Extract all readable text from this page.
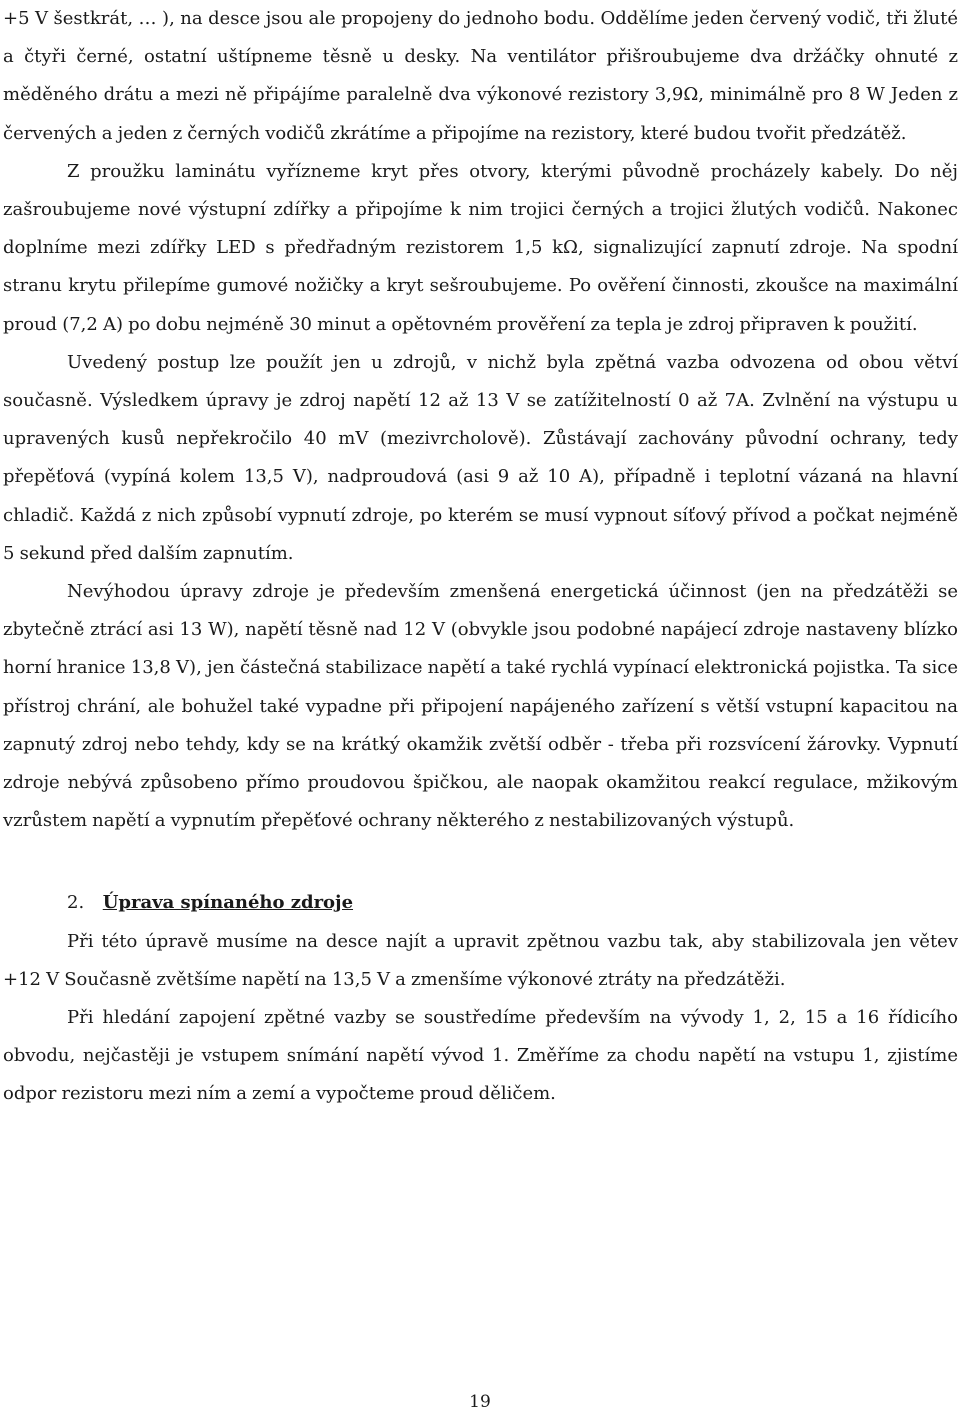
+5 V šestkrát, … ), na desce jsou ale propojeny do jednoho bodu. Oddělíme jeden červený vodič, tři žluté a čtyři černé, ostatní uštípneme těsně u desky. Na ventilátor přišroubujeme dva držáčky ohnuté z měděného drátu a mezi ně připájíme paralelně dva výkonové rezistory 3,9Ω, minimálně pro 8 W Jeden z červených a jeden z černých vodičů zkrátíme a připojíme na rezistory, které budou tvořit předzátěž.

Z proužku laminátu vyřízneme kryt přes otvory, kterými původně procházely kabely. Do něj zašroubujeme nové výstupní zdířky a připojíme k nim trojici černých a trojici žlutých vodičů. Nakonec doplníme mezi zdířky LED s předřadným rezistorem 1,5 kΩ, signalizující zapnutí zdroje. Na spodní stranu krytu přilepíme gumové nožičky a kryt sešroubujeme. Po ověření činnosti, zkoušce na maximální proud (7,2 A) po dobu nejméně 30 minut a opětovném prověření za tepla je zdroj připraven k použití.

Uvedený postup lze použít jen u zdrojů, v nichž byla zpětná vazba odvozena od obou větví současně. Výsledkem úpravy je zdroj napětí 12 až 13 V se zatížitelností 0 až 7A. Zvlnění na výstupu u upravených kusů nepřekročilo 40 mV (mezivrcholově). Zůstávají zachovány původní ochrany, tedy přepěťová (vypíná kolem 13,5 V), nadproudová (asi 9 až 10 A), případně i teplotní vázaná na hlavní chladič. Každá z nich způsobí vypnutí zdroje, po kterém se musí vypnout síťový přívod a počkat nejméně 5 sekund před dalším zapnutím.

Nevýhodou úpravy zdroje je především zmenšená energetická účinnost (jen na předzátěži se zbytečně ztrácí asi 13 W), napětí těsně nad 12 V (obvykle jsou podobné napájecí zdroje nastaveny blízko horní hranice 13,8 V), jen částečná stabilizace napětí a také rychlá vypínací elektronická pojistka. Ta sice přístroj chrání, ale bohužel také vypadne při připojení napájeného zařízení s větší vstupní kapacitou na zapnutý zdroj nebo tehdy, kdy se na krátký okamžik zvětší odběr - třeba při rozsvícení žárovky. Vypnutí zdroje nebývá způsobeno přímo proudovou špičkou, ale naopak okamžitou reakcí regulace, mžikovým vzrůstem napětí a vypnutím přepěťové ochrany některého z nestabilizovaných výstupů.

2. Úprava spínaného zdroje

Při této úpravě musíme na desce najít a upravit zpětnou vazbu tak, aby stabilizovala jen větev +12 V Současně zvětšíme napětí na 13,5 V a zmenšíme výkonové ztráty na předzátěži.

Při hledání zapojení zpětné vazby se soustředíme především na vývody 1, 2, 15 a 16 řídicího obvodu, nejčastěji je vstupem snímání napětí vývod 1. Změříme za chodu napětí na vstupu 1, zjistíme odpor rezistoru mezi ním a zemí a vypočteme proud děličem.

19
